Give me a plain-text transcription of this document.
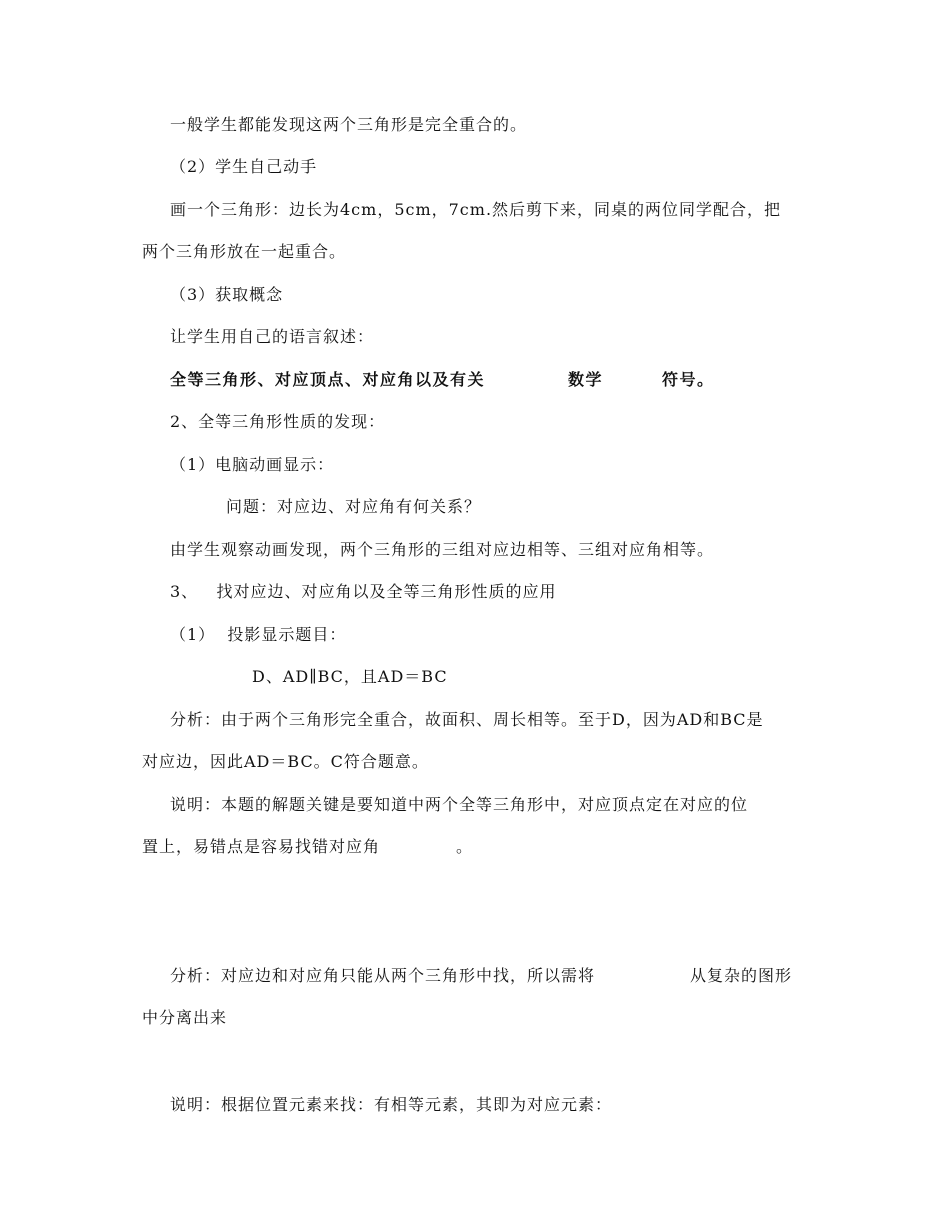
一般学生都能发现这两个三角形是完全重合的。
（2）学生自己动手
画一个三角形：边长为4cm，5cm，7cm.然后剪下来，同桌的两位同学配合，把
两个三角形放在一起重合。
（3）获取概念
让学生用自己的语言叙述：
全等三角形、对应顶点、对应角以及有关	数学	符号。
2、全等三角形性质的发现：
（1）电脑动画显示：
问题：对应边、对应角有何关系？
由学生观察动画发现，两个三角形的三组对应边相等、三组对应角相等。
3、   找对应边、对应角以及全等三角形性质的应用
（1）  投影显示题目：
D、AD∥BC，且AD＝BC
分析：由于两个三角形完全重合，故面积、周长相等。至于D，因为AD和BC是
对应边，因此AD＝BC。C符合题意。
说明：本题的解题关键是要知道中两个全等三角形中，对应顶点定在对应的位
置上，易错点是容易找错对应角	。
分析：对应边和对应角只能从两个三角形中找，所以需将	从复杂的图形
中分离出来
说明：根据位置元素来找：有相等元素，其即为对应元素：
